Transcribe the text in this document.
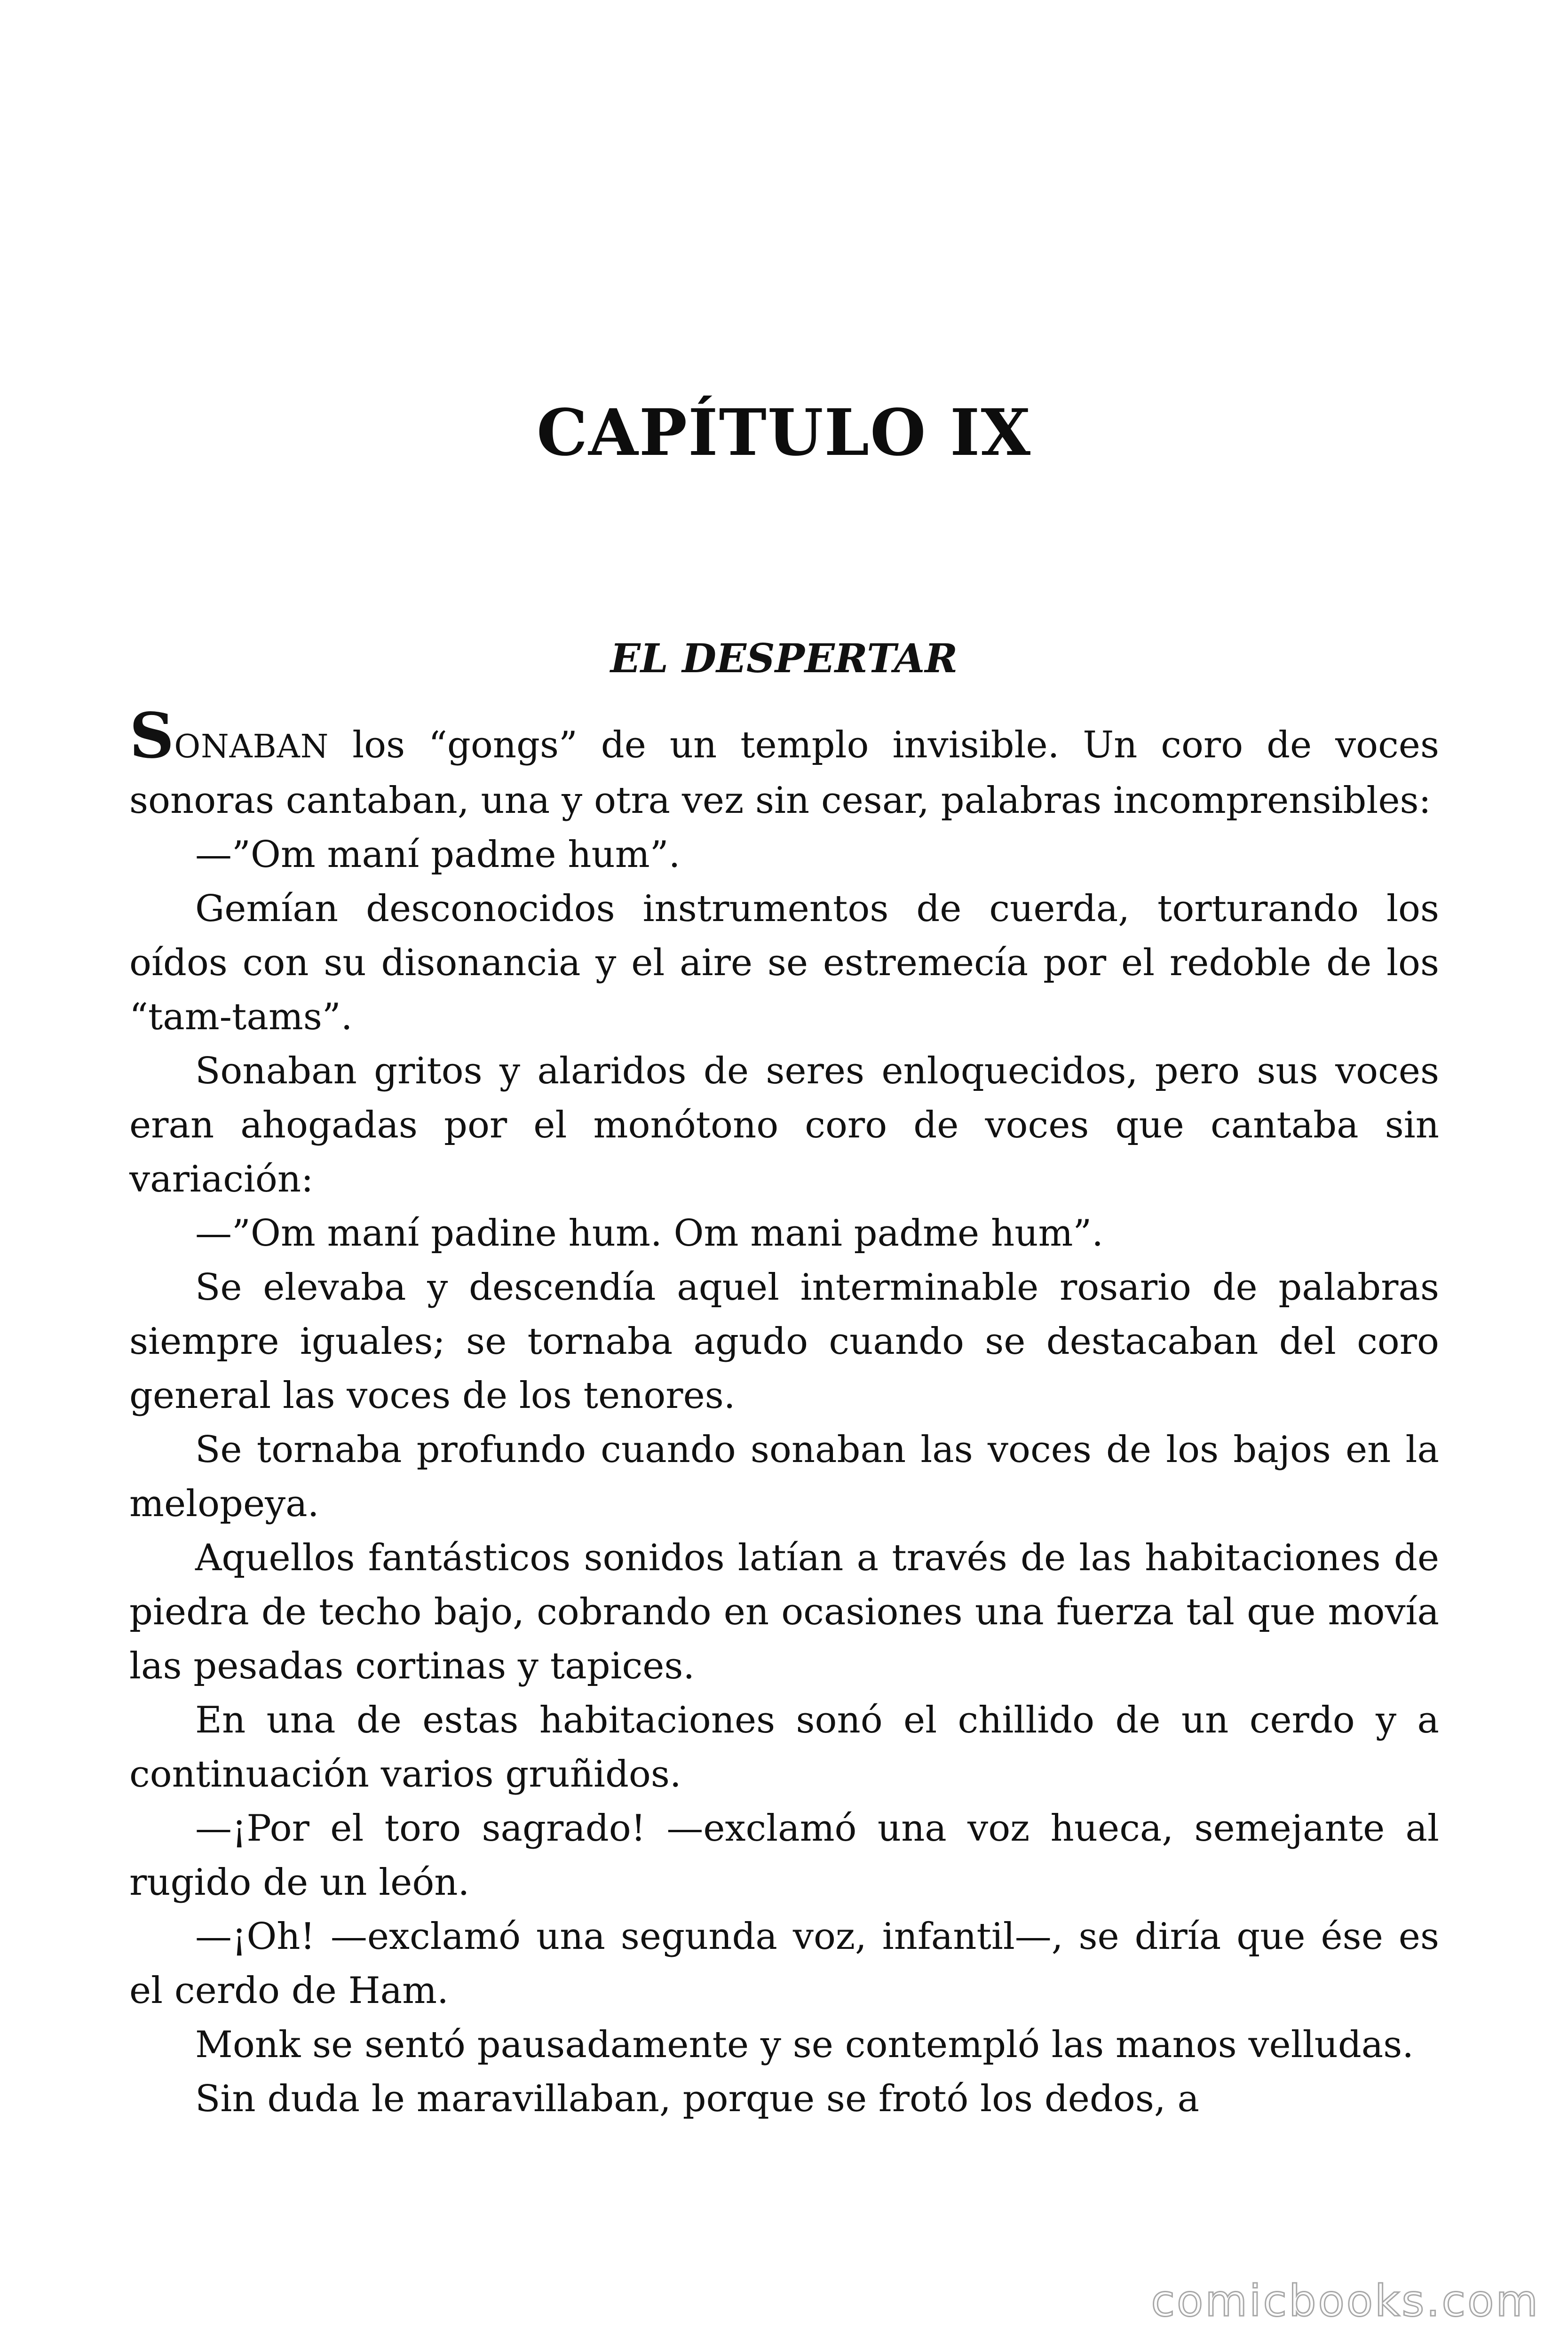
CAPÍTULO IX
EL DESPERTAR

SONABAN los “gongs” de un templo invisible. Un coro de voces sonoras cantaban, una y otra vez sin cesar, palabras incomprensibles:

—”Om maní padme hum”.

Gemían desconocidos instrumentos de cuerda, torturando los oídos con su disonancia y el aire se estremecía por el redoble de los “tam-tams”.

Sonaban gritos y alaridos de seres enloquecidos, pero sus voces eran ahogadas por el monótono coro de voces que cantaba sin variación:

—”Om maní padine hum. Om mani padme hum”.

Se elevaba y descendía aquel interminable rosario de palabras siempre iguales; se tornaba agudo cuando se destacaban del coro general las voces de los tenores.

Se tornaba profundo cuando sonaban las voces de los bajos en la melopeya.

Aquellos fantásticos sonidos latían a través de las habitaciones de piedra de techo bajo, cobrando en ocasiones una fuerza tal que movía las pesadas cortinas y tapices.

En una de estas habitaciones sonó el chillido de un cerdo y a continuación varios gruñidos.

—¡Por el toro sagrado! —exclamó una voz hueca, semejante al rugido de un león.

—¡Oh! —exclamó una segunda voz, infantil—, se diría que ése es el cerdo de Ham.

Monk se sentó pausadamente y se contempló las manos velludas.

Sin duda le maravillaban, porque se frotó los dedos, a

comicbooks.com
